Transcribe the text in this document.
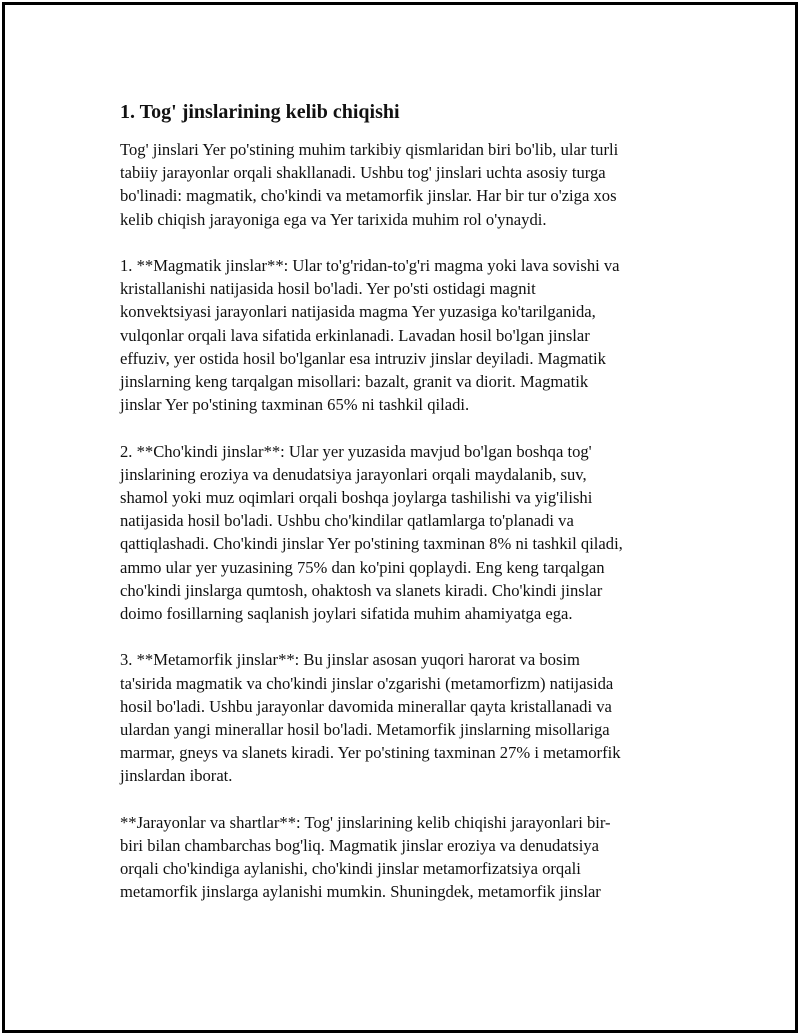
1. Tog' jinslarining kelib chiqishi
Tog' jinslari Yer po'stining muhim tarkibiy qismlaridan biri bo'lib, ular turli
tabiiy jarayonlar orqali shakllanadi. Ushbu tog' jinslari uchta asosiy turga
bo'linadi: magmatik, cho'kindi va metamorfik jinslar. Har bir tur o'ziga xos
kelib chiqish jarayoniga ega va Yer tarixida muhim rol o'ynaydi.
1. **Magmatik jinslar**: Ular to'g'ridan-to'g'ri magma yoki lava sovishi va
kristallanishi natijasida hosil bo'ladi. Yer po'sti ostidagi magnit
konvektsiyasi jarayonlari natijasida magma Yer yuzasiga ko'tarilganida,
vulqonlar orqali lava sifatida erkinlanadi. Lavadan hosil bo'lgan jinslar
effuziv, yer ostida hosil bo'lganlar esa intruziv jinslar deyiladi. Magmatik
jinslarning keng tarqalgan misollari: bazalt, granit va diorit. Magmatik
jinslar Yer po'stining taxminan 65% ni tashkil qiladi.
2. **Cho'kindi jinslar**: Ular yer yuzasida mavjud bo'lgan boshqa tog'
jinslarining eroziya va denudatsiya jarayonlari orqali maydalanib, suv,
shamol yoki muz oqimlari orqali boshqa joylarga tashilishi va yig'ilishi
natijasida hosil bo'ladi. Ushbu cho'kindilar qatlamlarga to'planadi va
qattiqlashadi. Cho'kindi jinslar Yer po'stining taxminan 8% ni tashkil qiladi,
ammo ular yer yuzasining 75% dan ko'pini qoplaydi. Eng keng tarqalgan
cho'kindi jinslarga qumtosh, ohaktosh va slanets kiradi. Cho'kindi jinslar
doimo fosillarning saqlanish joylari sifatida muhim ahamiyatga ega.
3. **Metamorfik jinslar**: Bu jinslar asosan yuqori harorat va bosim
ta'sirida magmatik va cho'kindi jinslar o'zgarishi (metamorfizm) natijasida
hosil bo'ladi. Ushbu jarayonlar davomida minerallar qayta kristallanadi va
ulardan yangi minerallar hosil bo'ladi. Metamorfik jinslarning misollariga
marmar, gneys va slanets kiradi. Yer po'stining taxminan 27% i metamorfik
jinslardan iborat.
**Jarayonlar va shartlar**: Tog' jinslarining kelib chiqishi jarayonlari bir-
biri bilan chambarchas bog'liq. Magmatik jinslar eroziya va denudatsiya
orqali cho'kindiga aylanishi, cho'kindi jinslar metamorfizatsiya orqali
metamorfik jinslarga aylanishi mumkin. Shuningdek, metamorfik jinslar
